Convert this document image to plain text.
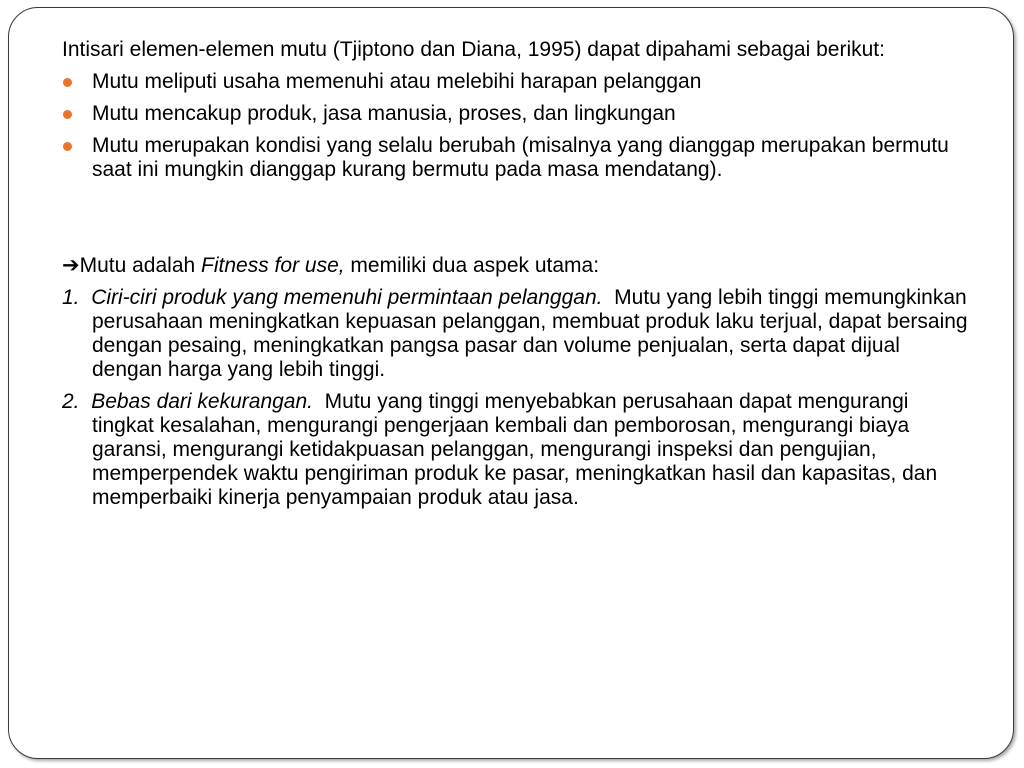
Intisari elemen-elemen mutu (Tjiptono dan Diana, 1995) dapat dipahami sebagai berikut:

Mutu meliputi usaha memenuhi atau melebihi harapan pelanggan
Mutu mencakup produk, jasa manusia, proses, dan lingkungan
Mutu merupakan kondisi yang selalu berubah (misalnya yang dianggap merupakan bermutu saat ini mungkin dianggap kurang bermutu pada masa mendatang).

➔Mutu adalah Fitness for use, memiliki dua aspek utama:

1. Ciri-ciri produk yang memenuhi permintaan pelanggan. Mutu yang lebih tinggi memungkinkan perusahaan meningkatkan kepuasan pelanggan, membuat produk laku terjual, dapat bersaing dengan pesaing, meningkatkan pangsa pasar dan volume penjualan, serta dapat dijual dengan harga yang lebih tinggi.
2. Bebas dari kekurangan. Mutu yang tinggi menyebabkan perusahaan dapat mengurangi tingkat kesalahan, mengurangi pengerjaan kembali dan pemborosan, mengurangi biaya garansi, mengurangi ketidakpuasan pelanggan, mengurangi inspeksi dan pengujian, memperpendek waktu pengiriman produk ke pasar, meningkatkan hasil dan kapasitas, dan memperbaiki kinerja penyampaian produk atau jasa.
